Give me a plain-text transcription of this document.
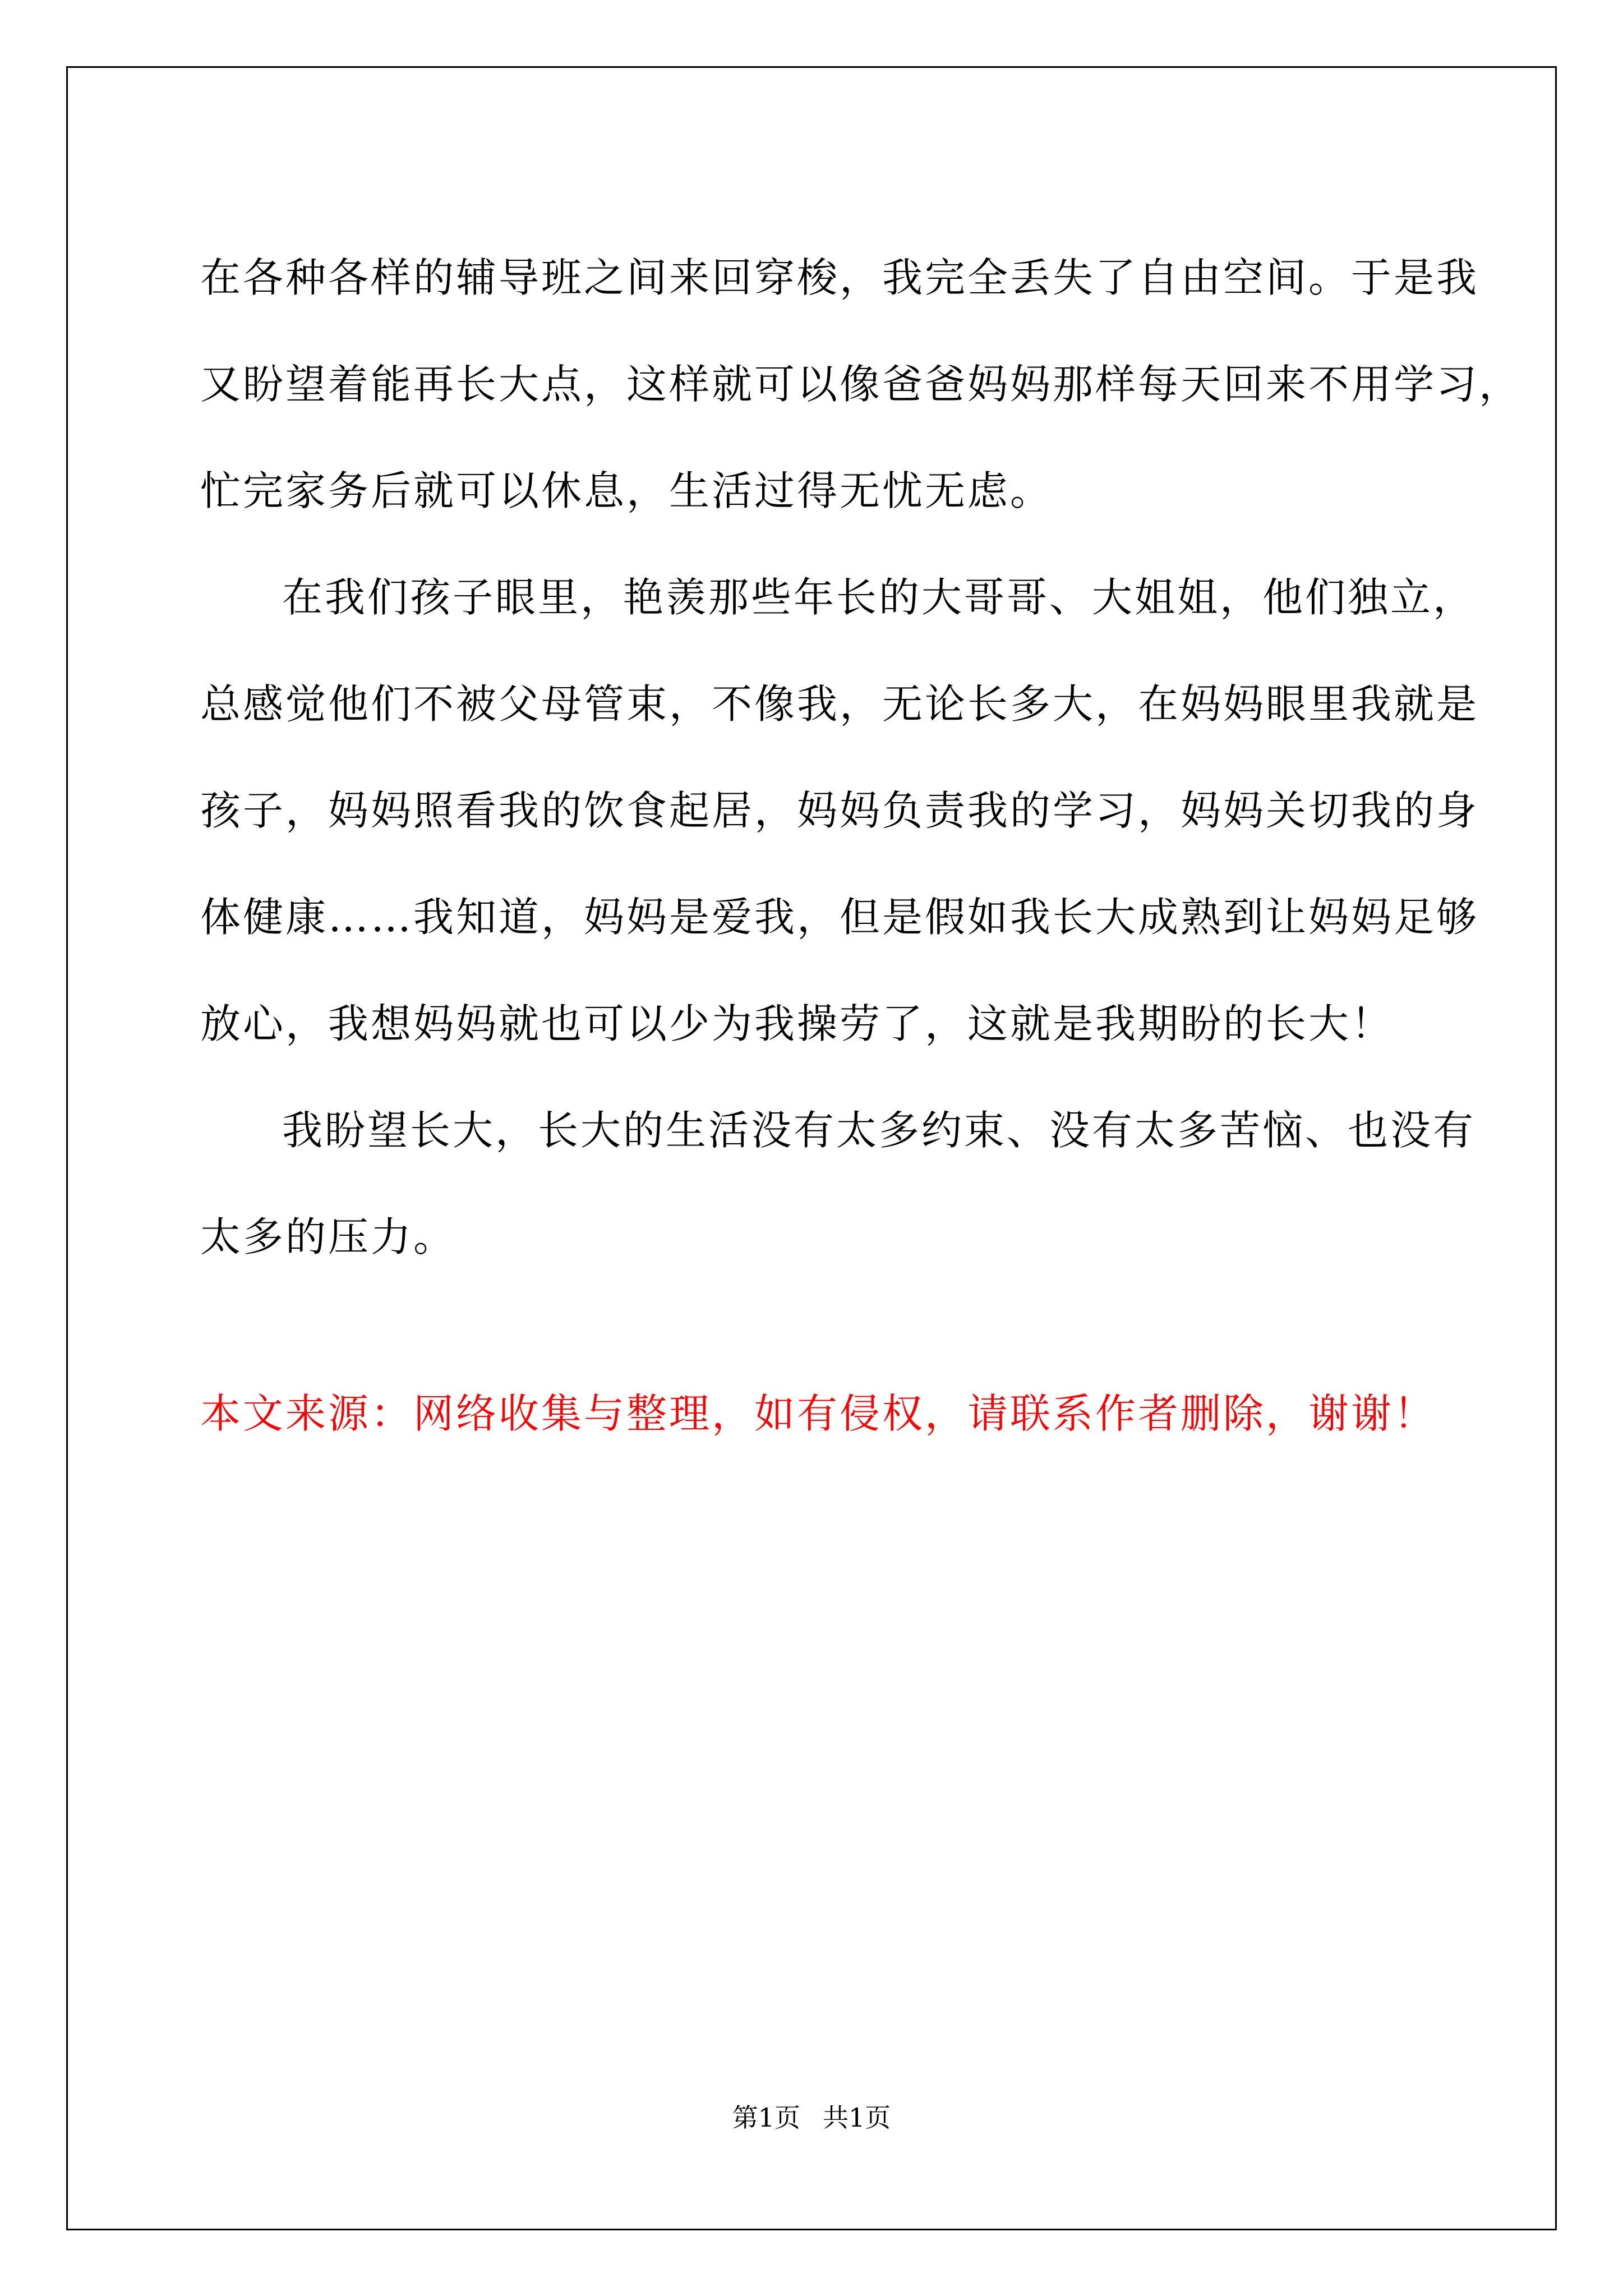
在各种各样的辅导班之间来回穿梭，我完全丢失了自由空间。于是我
又盼望着能再长大点，这样就可以像爸爸妈妈那样每天回来不用学习，
忙完家务后就可以休息，生活过得无忧无虑。
在我们孩子眼里，艳羡那些年长的大哥哥、大姐姐，他们独立，
总感觉他们不被父母管束，不像我，无论长多大，在妈妈眼里我就是
孩子，妈妈照看我的饮食起居，妈妈负责我的学习，妈妈关切我的身
体健康……我知道，妈妈是爱我，但是假如我长大成熟到让妈妈足够
放心，我想妈妈就也可以少为我操劳了，这就是我期盼的长大！
我盼望长大，长大的生活没有太多约束、没有太多苦恼、也没有
太多的压力。
本文来源：网络收集与整理，如有侵权，请联系作者删除，谢谢！
第1页 共1页
